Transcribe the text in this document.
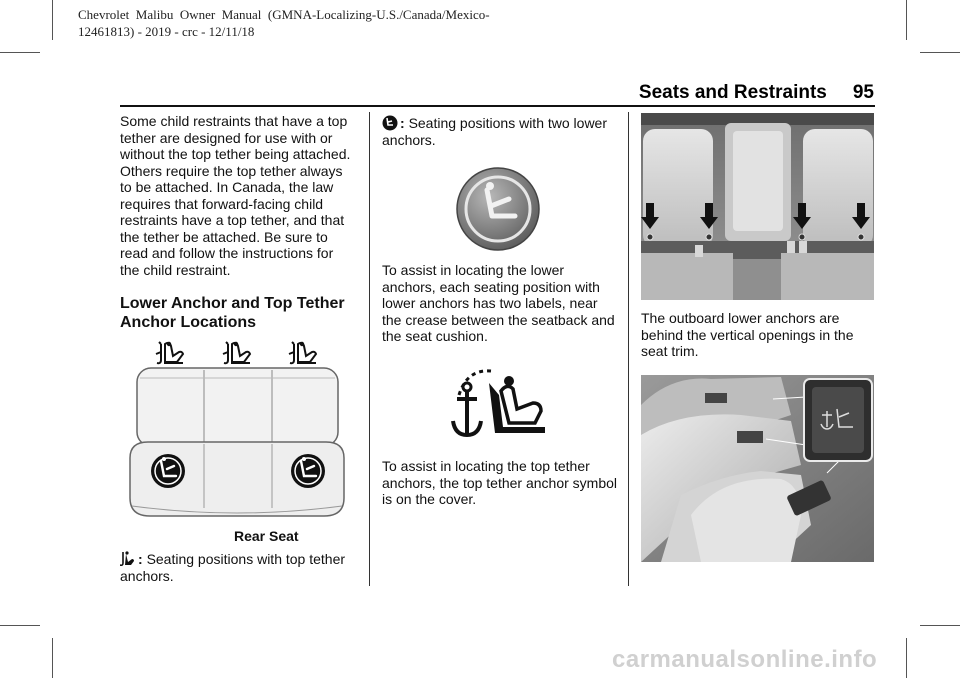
Chevrolet  Malibu  Owner  Manual  (GMNA-Localizing-U.S./Canada/Mexico-
12461813) - 2019 - crc - 12/11/18
Seats and Restraints 95
Some child restraints that have a top tether are designed for use with or without the top tether being attached. Others require the top tether always to be attached. In Canada, the law requires that forward-facing child restraints have a top tether, and that the tether be attached. Be sure to read and follow the instructions for the child restraint.
Lower Anchor and Top Tether Anchor Locations
Rear Seat
: Seating positions with top tether anchors.
: Seating positions with two lower anchors.
To assist in locating the lower anchors, each seating position with lower anchors has two labels, near the crease between the seatback and the seat cushion.
To assist in locating the top tether anchors, the top tether anchor symbol is on the cover.
The outboard lower anchors are behind the vertical openings in the seat trim.
carmanualsonline.info
